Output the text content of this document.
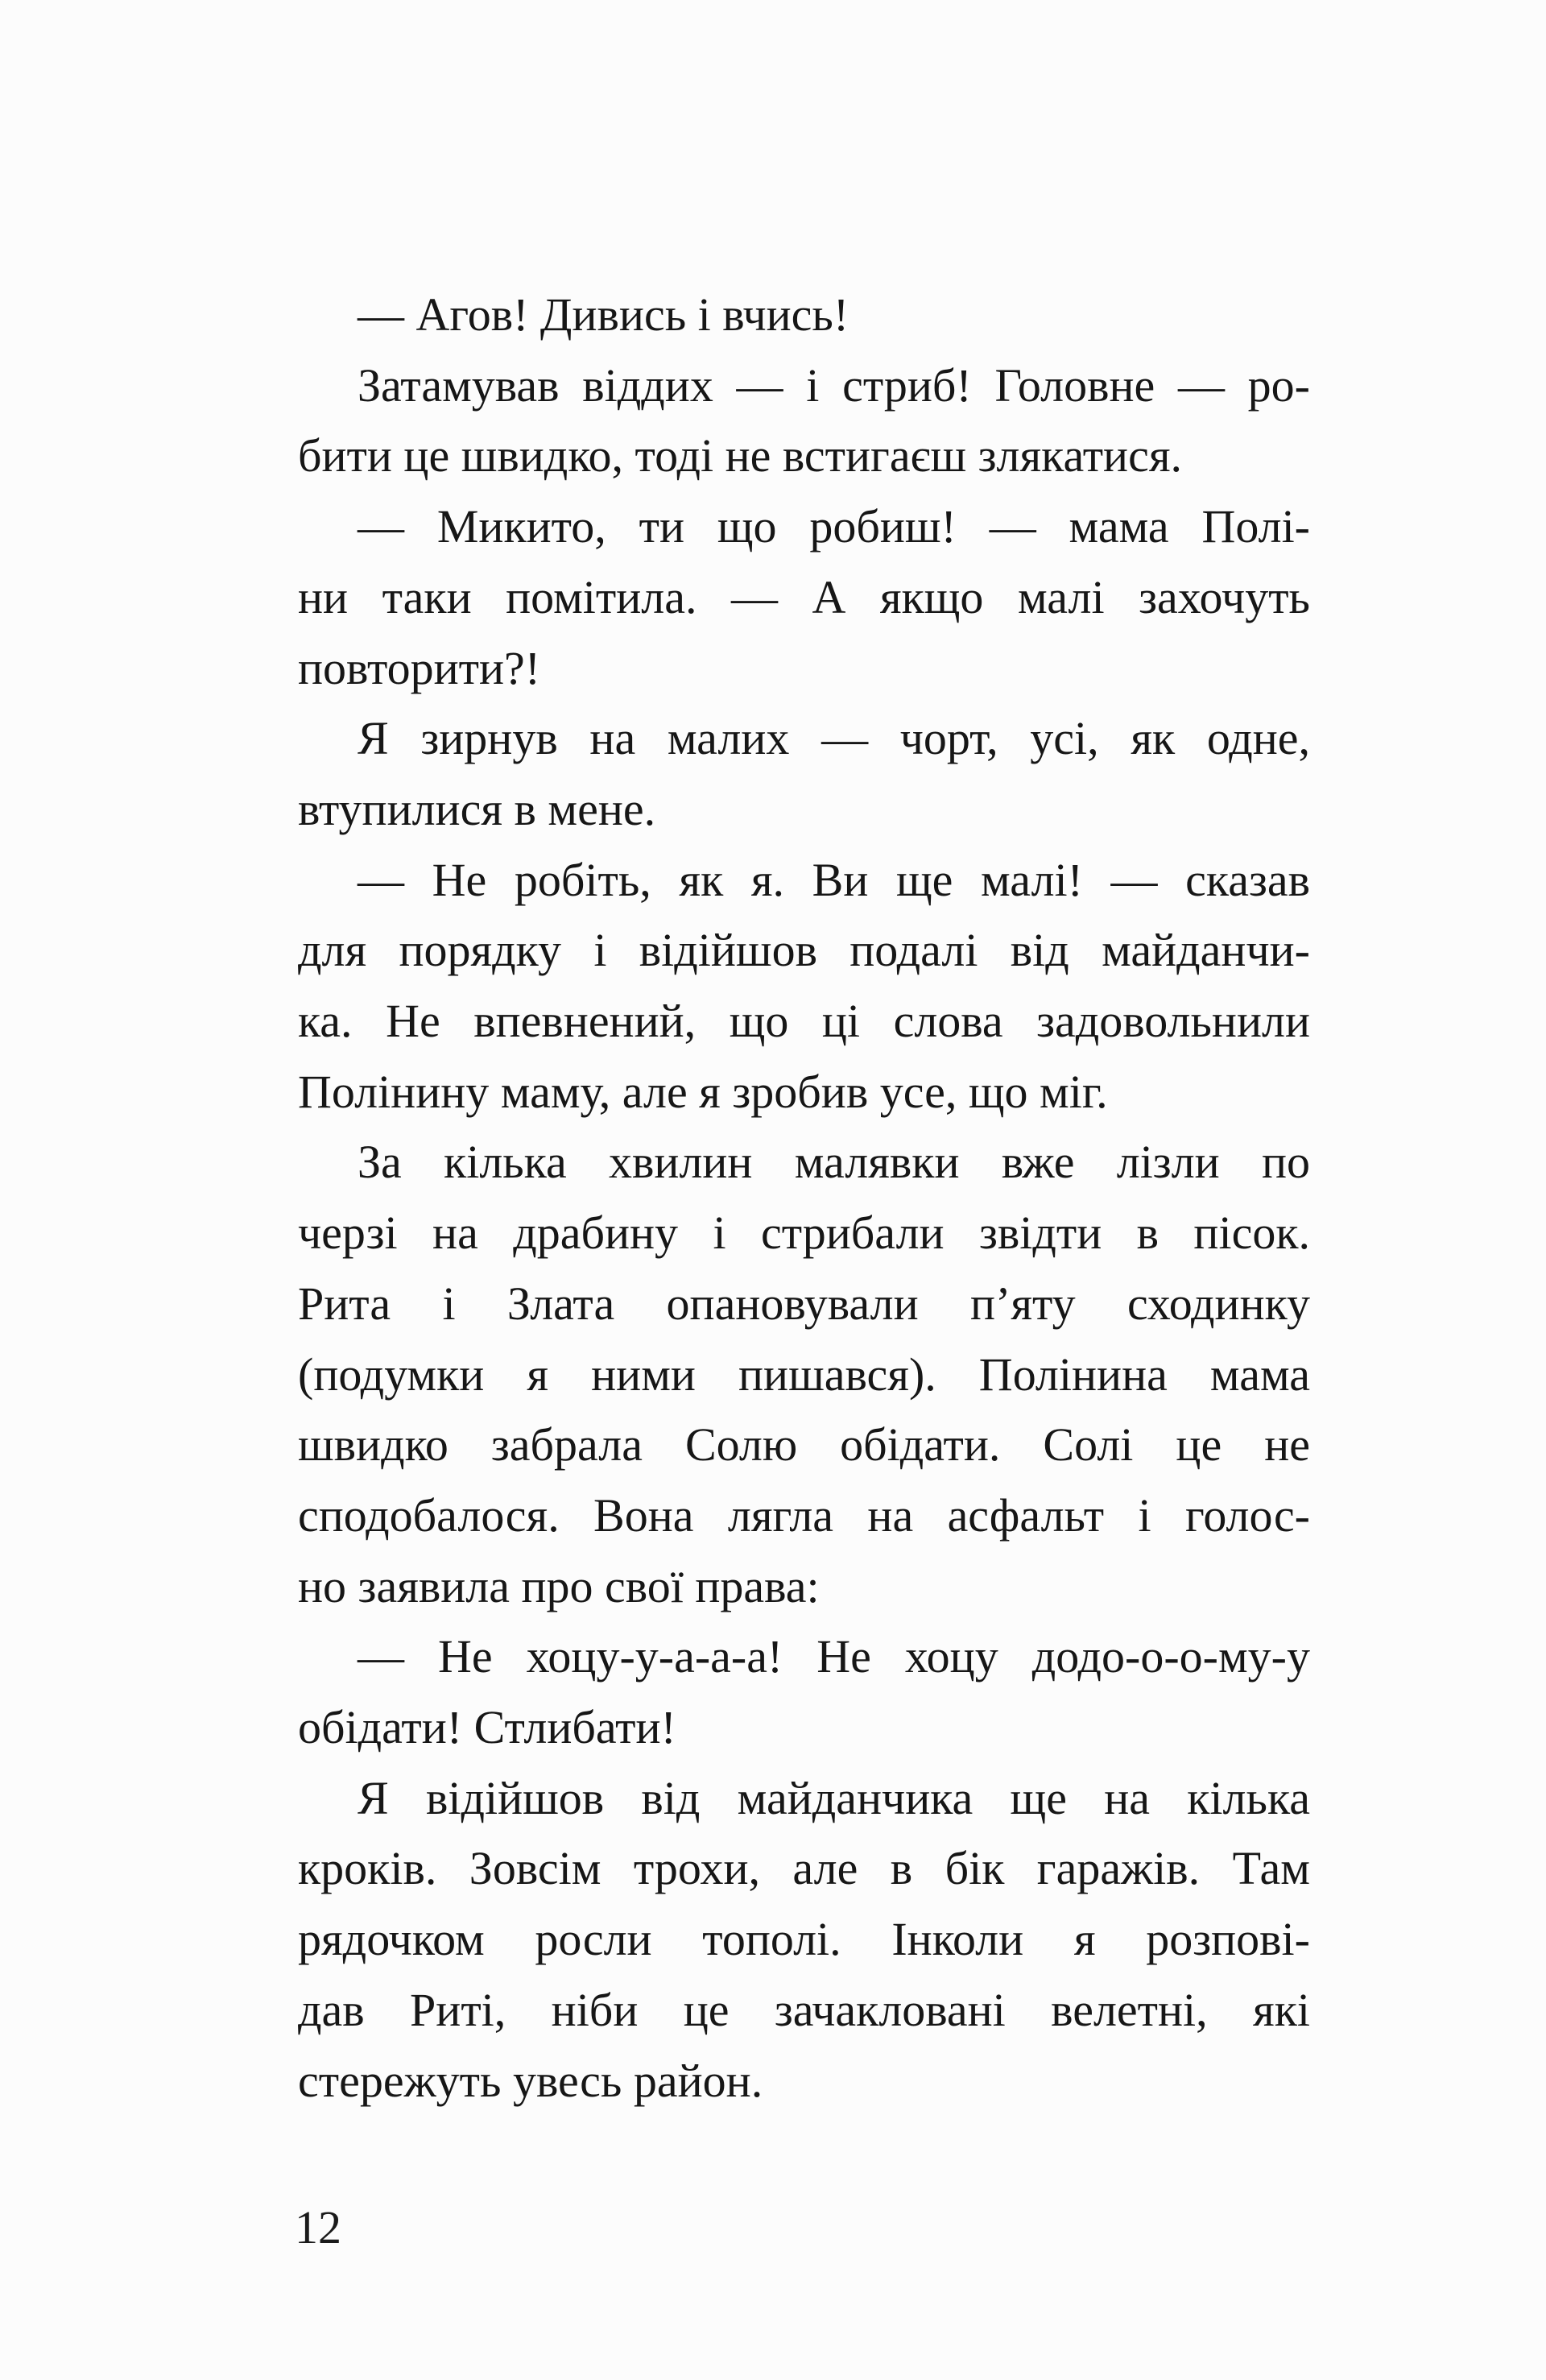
— Агов! Дивись і вчись!
Затамував віддих — і стриб! Головне — ро-
бити це швидко, тоді не встигаєш злякатися.
— Микито, ти що робиш! — мама Полі-
ни таки помітила. — А якщо малі захочуть
повторити?!
Я зирнув на малих — чорт, усі, як одне,
втупилися в мене.
— Не робіть, як я. Ви ще малі! — сказав
для порядку і відійшов подалі від майданчи-
ка. Не впевнений, що ці слова задовольнили
Полінину маму, але я зробив усе, що міг.
За кілька хвилин малявки вже лізли по
черзі на драбину і стрибали звідти в пісок.
Рита і Злата опановували п’яту сходинку
(подумки я ними пишався). Полінина мама
швидко забрала Солю обідати. Солі це не
сподобалося. Вона лягла на асфальт і голос-
но заявила про свої права:
— Не хоцу-у-а-а-а! Не хоцу додо-о-о-му-у
обідати! Стлибати!
Я відійшов від майданчика ще на кілька
кроків. Зовсім трохи, але в бік гаражів. Там
рядочком росли тополі. Інколи я розпові-
дав Риті, ніби це зачакловані велетні, які
стережуть увесь район.
12
